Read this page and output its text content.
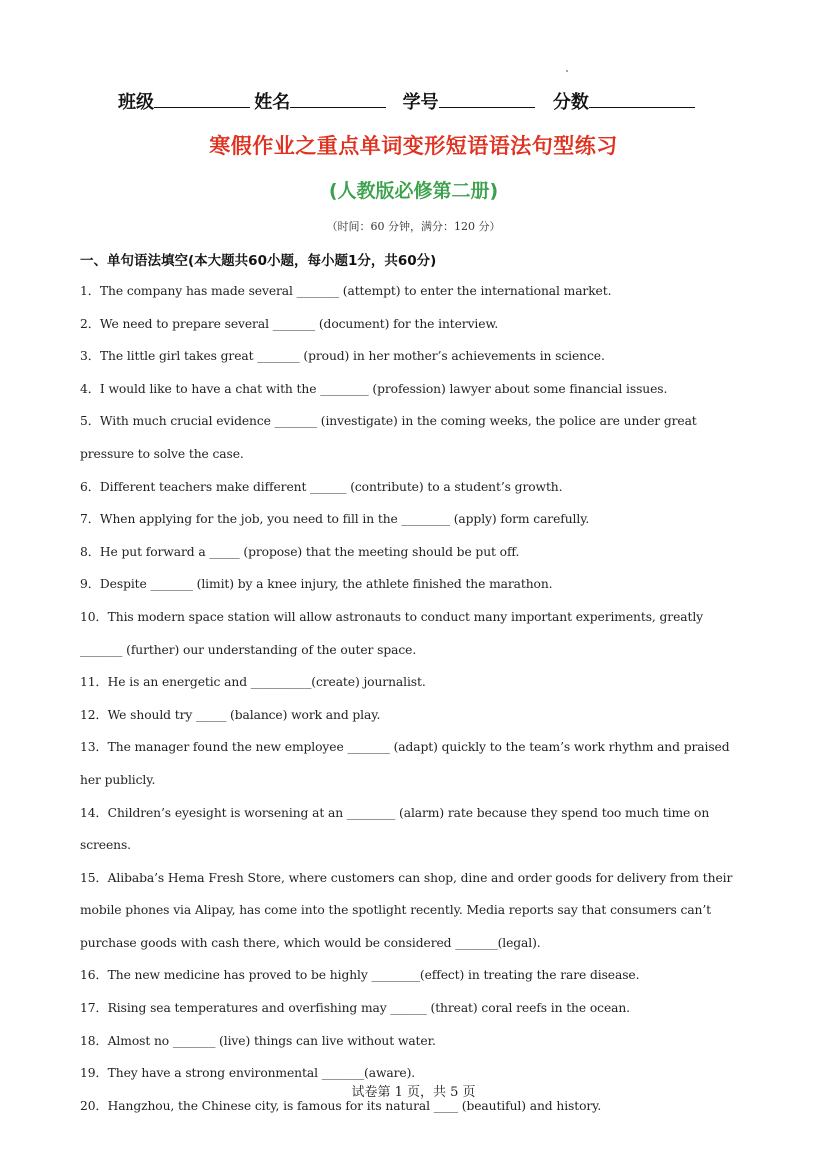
班级	姓名	学号	分数
寒假作业之重点单词变形短语语法句型练习
(人教版必修第二册)
（时间：60 分钟，满分：120 分）
一、单句语法填空(本大题共60小题，每小题1分，共60分)

1．The company has made several _______ (attempt) to enter the international market.

2．We need to prepare several _______ (document) for the interview.

3．The little girl takes great _______ (proud) in her mother’s achievements in science.

4．I would like to have a chat with the ________ (profession) lawyer about some financial issues.

5．With much crucial evidence _______ (investigate) in the coming weeks, the police are under great pressure to solve the case.

6．Different teachers make different ______ (contribute) to a student’s growth.

7．When applying for the job, you need to fill in the ________ (apply) form carefully.

8．He put forward a _____ (propose) that the meeting should be put off.

9．Despite _______ (limit) by a knee injury, the athlete finished the marathon.

10．This modern space station will allow astronauts to conduct many important experiments, greatly _______ (further) our understanding of the outer space.

11．He is an energetic and __________(create) journalist.

12．We should try _____ (balance) work and play.

13．The manager found the new employee _______ (adapt) quickly to the team’s work rhythm and praised her publicly.

14．Children’s eyesight is worsening at an ________ (alarm) rate because they spend too much time on screens.

15．Alibaba’s Hema Fresh Store, where customers can shop, dine and order goods for delivery from their mobile phones via Alipay, has come into the spotlight recently. Media reports say that consumers can’t purchase goods with cash there, which would be considered _______(legal).

16．The new medicine has proved to be highly ________(effect) in treating the rare disease.

17．Rising sea temperatures and overfishing may ______ (threat) coral reefs in the ocean.

18．Almost no _______ (live) things can live without water.

19．They have a strong environmental _______(aware).

20．Hangzhou, the Chinese city, is famous for its natural ____ (beautiful) and history.

试卷第 1 页，共 5 页
